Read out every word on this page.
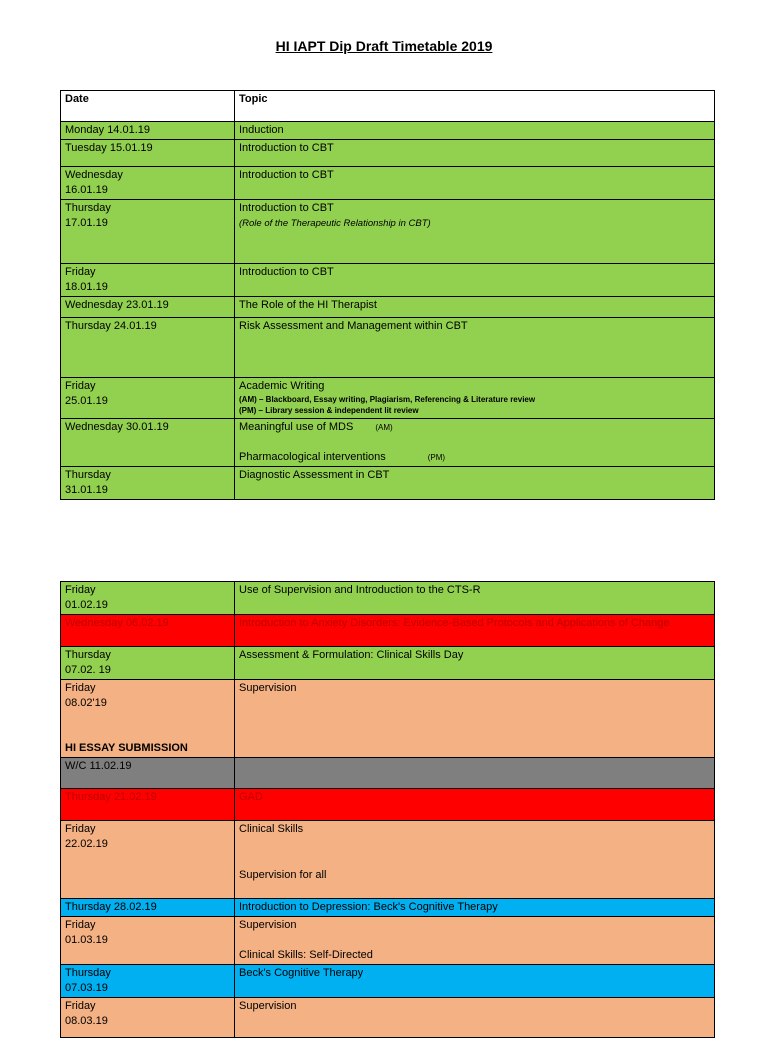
HI IAPT Dip Draft Timetable 2019
Date	Topic

Monday 14.01.19	Induction

Tuesday 15.01.19	Introduction to CBT

Wednesday
16.01.19	Introduction to CBT

Thursday
17.01.19	Introduction to CBT
(Role of the Therapeutic Relationship in CBT)

Friday
18.01.19	Introduction to CBT

Wednesday 23.01.19	The Role of the HI Therapist

Thursday 24.01.19	Risk Assessment and Management within CBT

Friday
25.01.19	Academic Writing
(AM) – Blackboard, Essay writing, Plagiarism, Referencing & Literature review
(PM) – Library session & independent lit review

Wednesday 30.01.19	Meaningful use of MDS (AM)
Pharmacological interventions (PM)

Thursday
31.01.19	Diagnostic Assessment in CBT
Friday
01.02.19	Use of Supervision and Introduction to the CTS-R

Wednesday 06.02.19	Introduction to Anxiety Disorders: Evidence-Based Protocols and Applications of Change

Thursday
07.02. 19	Assessment & Formulation: Clinical Skills Day

Friday
08.02'19
HI ESSAY SUBMISSION	Supervision

W/C 11.02.19	

Thursday 21.02.19	GAD

Friday
22.02.19	Clinical Skills
Supervision for all

Thursday 28.02.19	Introduction to Depression: Beck's Cognitive Therapy

Friday
01.03.19	Supervision
Clinical Skills: Self-Directed

Thursday
07.03.19	Beck's Cognitive Therapy

Friday
08.03.19	Supervision
